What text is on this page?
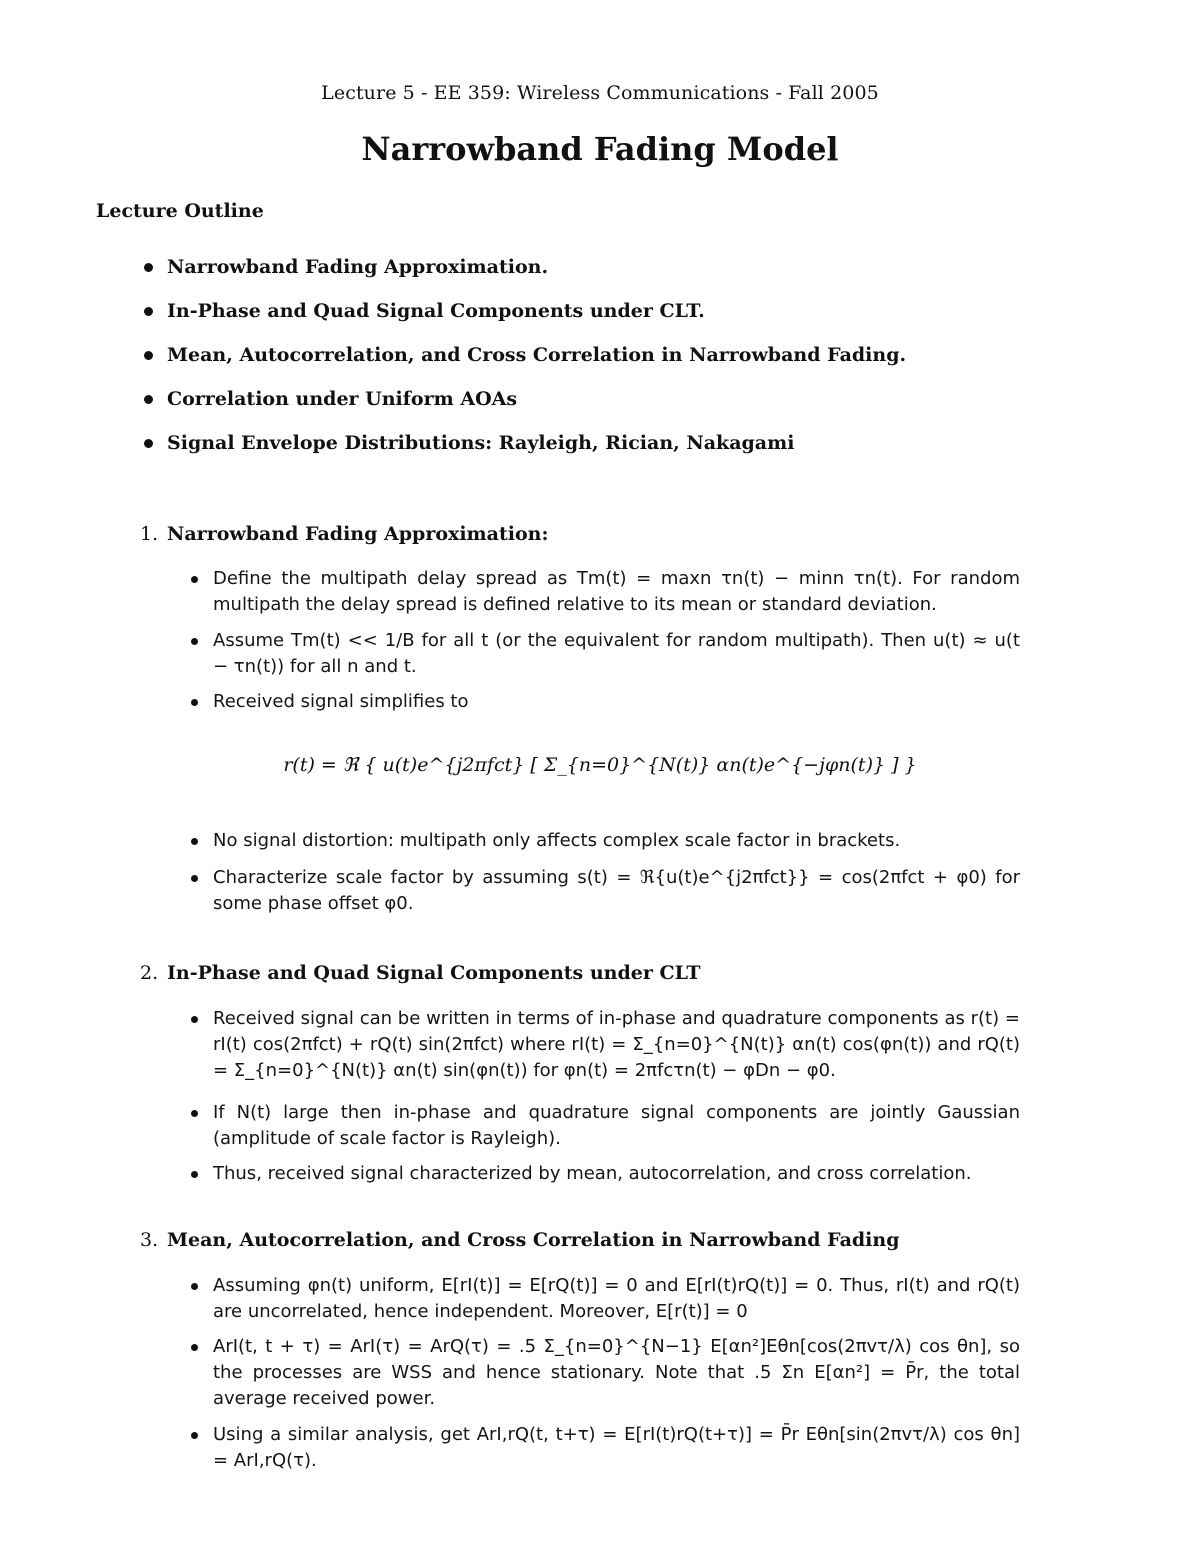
Lecture 5 - EE 359: Wireless Communications - Fall 2005
Narrowband Fading Model
Lecture Outline
Narrowband Fading Approximation.
In-Phase and Quad Signal Components under CLT.
Mean, Autocorrelation, and Cross Correlation in Narrowband Fading.
Correlation under Uniform AOAs
Signal Envelope Distributions: Rayleigh, Rician, Nakagami
1. Narrowband Fading Approximation:
Define the multipath delay spread as Tm(t) = maxn τn(t) − minn τn(t). For random multipath the delay spread is defined relative to its mean or standard deviation.
Assume Tm(t) << 1/B for all t (or the equivalent for random multipath). Then u(t) ≈ u(t − τn(t)) for all n and t.
Received signal simplifies to
r(t) = ℜ { u(t)e^{j2πfct} [ Σ_{n=0}^{N(t)} αn(t)e^{−jφn(t)} ] }
No signal distortion: multipath only affects complex scale factor in brackets.
Characterize scale factor by assuming s(t) = ℜ{u(t)e^{j2πfct}} = cos(2πfct + φ0) for some phase offset φ0.
2. In-Phase and Quad Signal Components under CLT
Received signal can be written in terms of in-phase and quadrature components as r(t) = rI(t) cos(2πfct) + rQ(t) sin(2πfct) where rI(t) = Σ_{n=0}^{N(t)} αn(t) cos(φn(t)) and rQ(t) = Σ_{n=0}^{N(t)} αn(t) sin(φn(t)) for φn(t) = 2πfcτn(t) − φDn − φ0.
If N(t) large then in-phase and quadrature signal components are jointly Gaussian (amplitude of scale factor is Rayleigh).
Thus, received signal characterized by mean, autocorrelation, and cross correlation.
3. Mean, Autocorrelation, and Cross Correlation in Narrowband Fading
Assuming φn(t) uniform, E[rI(t)] = E[rQ(t)] = 0 and E[rI(t)rQ(t)] = 0. Thus, rI(t) and rQ(t) are uncorrelated, hence independent. Moreover, E[r(t)] = 0
ArI(t, t + τ) = ArI(τ) = ArQ(τ) = .5 Σ_{n=0}^{N−1} E[αn²]Eθn[cos(2πvτ/λ) cos θn], so the processes are WSS and hence stationary. Note that .5 Σn E[αn²] = P̄r, the total average received power.
Using a similar analysis, get ArI,rQ(t, t+τ) = E[rI(t)rQ(t+τ)] = P̄r Eθn[sin(2πvτ/λ) cos θn] = ArI,rQ(τ).
